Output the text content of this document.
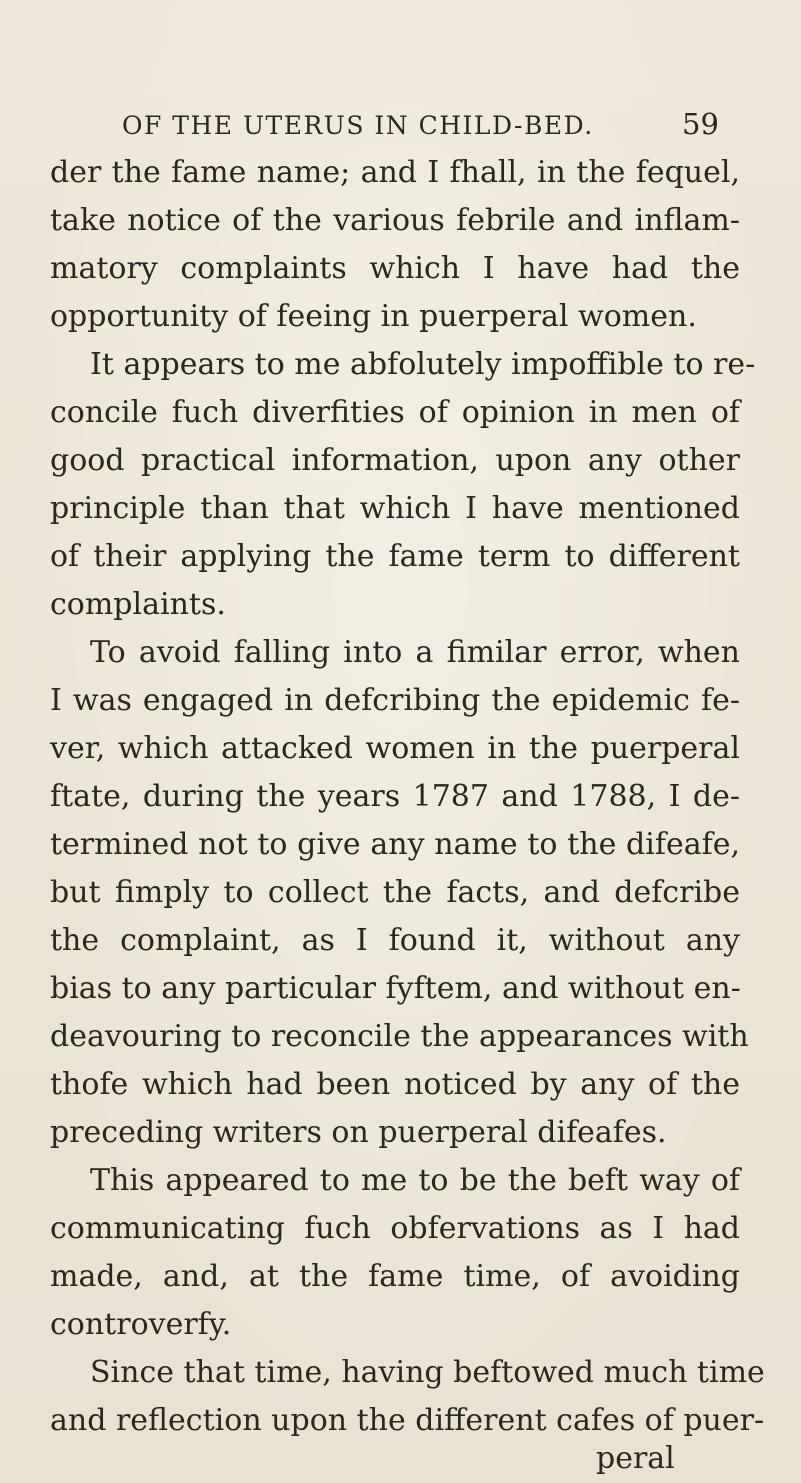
OF THE UTERUS IN CHILD-BED.	59
der the fame name; and I fhall, in the fequel,
take notice of the various febrile and inflam-
matory complaints which I have had the
opportunity of feeing in puerperal women.
It appears to me abfolutely impoffible to re-
concile fuch diverfities of opinion in men of
good practical information, upon any other
principle than that which I have mentioned
of their applying the fame term to different
complaints.
To avoid falling into a fimilar error, when
I was engaged in defcribing the epidemic fe-
ver, which attacked women in the puerperal
ftate, during the years 1787 and 1788, I de-
termined not to give any name to the difeafe,
but fimply to collect the facts, and defcribe
the complaint, as I found it, without any
bias to any particular fyftem, and without en-
deavouring to reconcile the appearances with
thofe which had been noticed by any of the
preceding writers on puerperal difeafes.
This appeared to me to be the beft way of
communicating fuch obfervations as I had
made, and, at the fame time, of avoiding
controverfy.
Since that time, having beftowed much time
and reflection upon the different cafes of puer-
peral
